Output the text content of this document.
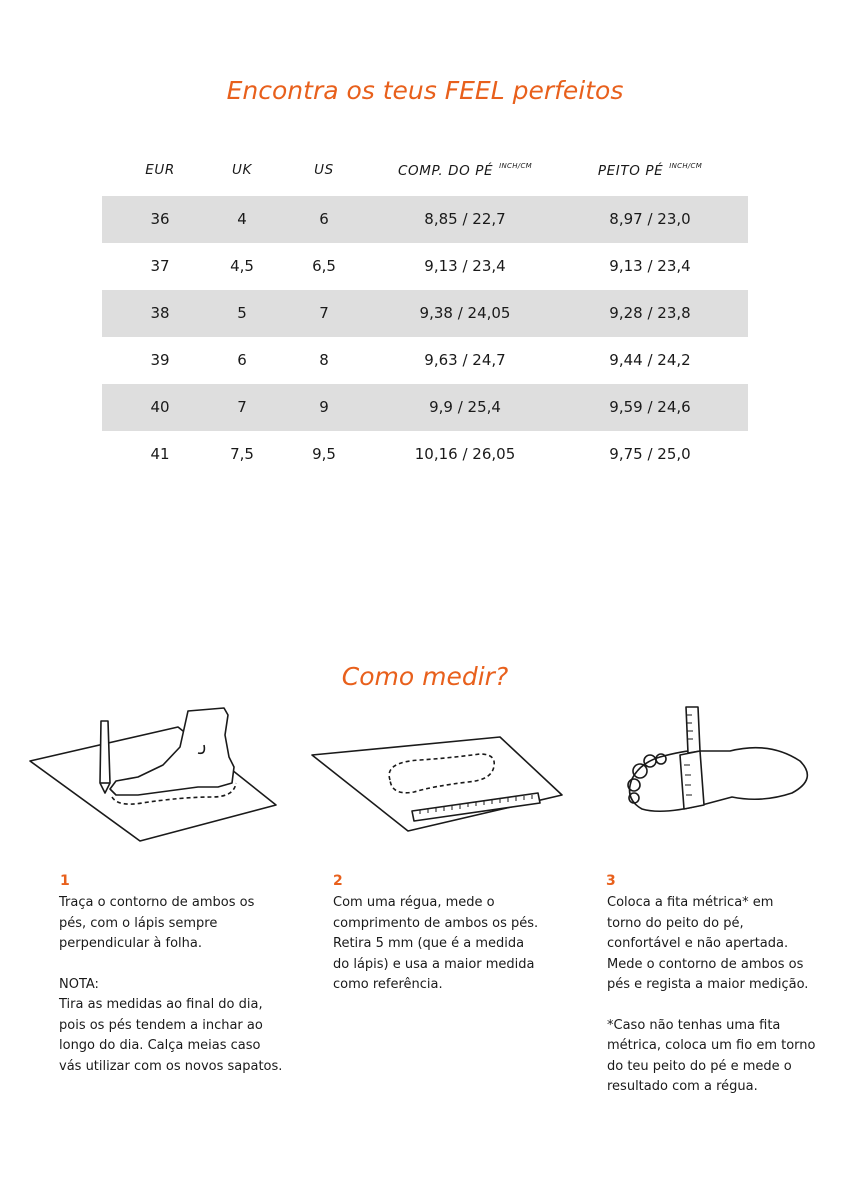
Encontra os teus FEEL perfeitos
EUR	UK	US	COMP. DO PÉ $^{INCH/CM}$	PEITO PÉ $^{INCH/CM}$
36	4	6	8,85 / 22,7	8,97 / 23,0
37	4,5	6,5	9,13 / 23,4	9,13 / 23,4
38	5	7	9,38 / 24,05	9,28 / 23,8
39	6	8	9,63 / 24,7	9,44 / 24,2
40	7	9	9,9 / 25,4	9,59 / 24,6
41	7,5	9,5	10,16 / 26,05	9,75 / 25,0
Como medir?
1

Traça o contorno de ambos os

pés, com o lápis sempre

perpendicular à folha.

NOTA:

Tira as medidas ao final do dia,

pois os pés tendem a inchar ao

longo do dia. Calça meias caso

vás utilizar com os novos sapatos.

2

Com uma régua, mede o

comprimento de ambos os pés.

Retira 5 mm (que é a medida

do lápis) e usa a maior medida

como referência.

3

Coloca a fita métrica* em

torno do peito do pé,

confortável e não apertada.

Mede o contorno de ambos os

pés e regista a maior medição.

*Caso não tenhas uma fita

métrica, coloca um fio em torno

do teu peito do pé e mede o

resultado com a régua.
